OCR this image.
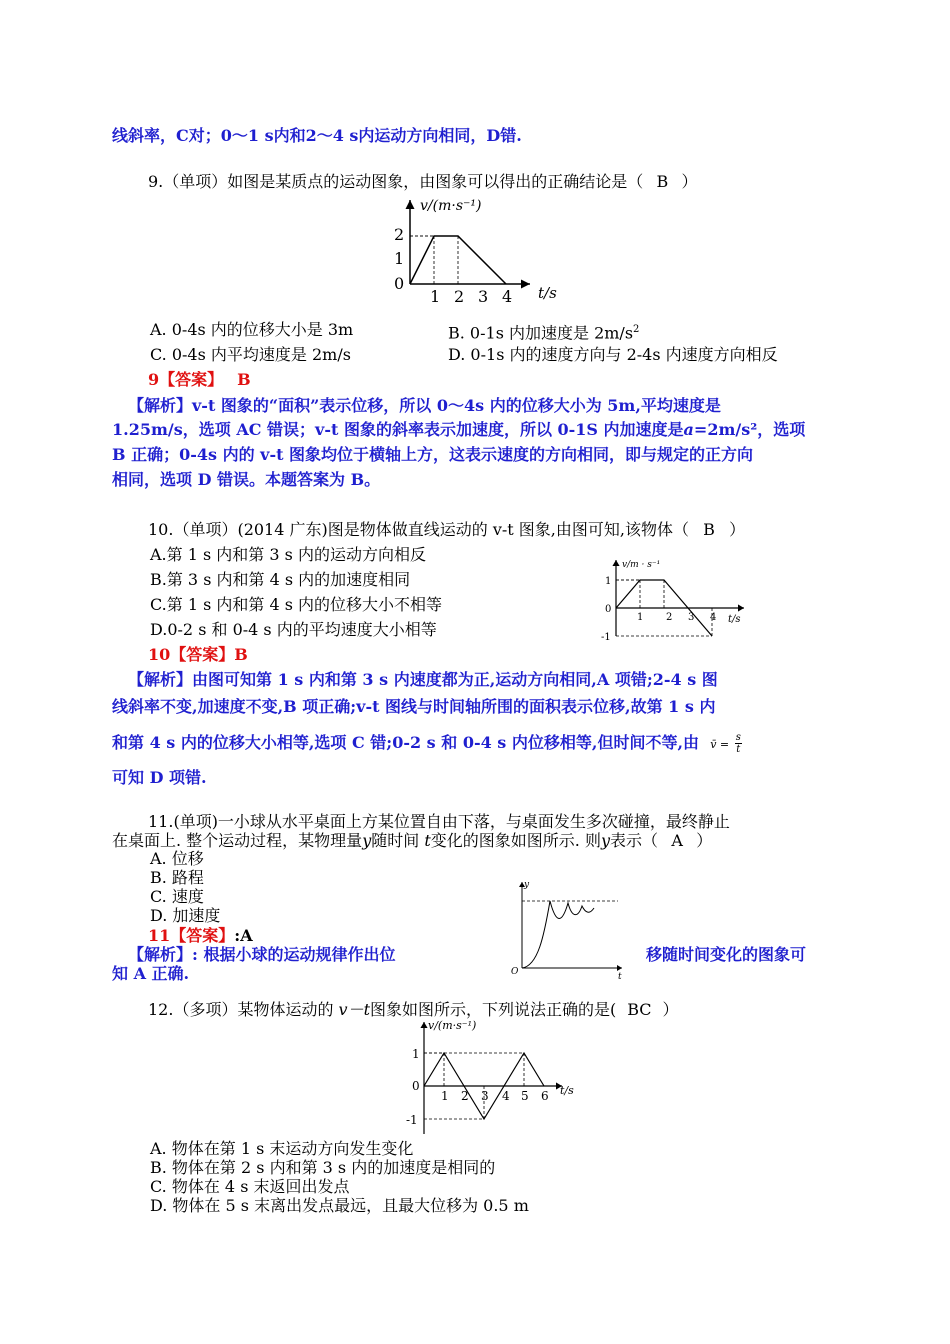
线斜率，C对；0～1 s内和2～4 s内运动方向相同，D错.
9.（单项）如图是某质点的运动图象，由图象可以得出的正确结论是（ B ）
v/(m·s⁻¹)
t/s
2
1
0
1 2 3 4
A. 0-4s 内的位移大小是 3m	B. 0-1s 内加速度是 $2m/s^2$
C. 0-4s 内平均速度是 2m/s	D. 0-1s 内的速度方向与 2-4s 内速度方向相反
9【答案】 B
【解析】v-t 图象的“面积”表示位移，所以 0～4s 内的位移大小为 5m,平均速度是
1.25m/s，选项 AC 错误；v-t 图象的斜率表示加速度，所以 0-1S 内加速度是a=2m/s²，选项
B 正确；0-4s 内的 v-t 图象均位于横轴上方，这表示速度的方向相同，即与规定的正方向
相同，选项 D 错误。本题答案为 B。
10.（单项）(2014 广东)图是物体做直线运动的 v-t 图象,由图可知,该物体（ B ）
A.第 1 s 内和第 3 s 内的运动方向相反
B.第 3 s 内和第 4 s 内的加速度相同
C.第 1 s 内和第 4 s 内的位移大小不相等
D.0-2 s 和 0-4 s 内的平均速度大小相等
v/m · s⁻¹
t/s
1
0
-1
1 2 3 4
10【答案】B
【解析】由图可知第 1 s 内和第 3 s 内速度都为正,运动方向相同,A 项错;2-4 s 图
线斜率不变,加速度不变,B 项正确;v-t 图线与时间轴所围的面积表示位移,故第 1 s 内
和第 4 s 内的位移大小相等,选项 C 错;0-2 s 和 0-4 s 内位移相等,但时间不等,由 v̄ = $\frac{s}{t}$
可知 D 项错.
11.(单项)一小球从水平桌面上方某位置自由下落，与桌面发生多次碰撞，最终静止
在桌面上. 整个运动过程，某物理量y随时间 t变化的图象如图所示. 则y表示（ A ）
A. 位移
B. 路程
C. 速度
D. 加速度
11【答案】:A
【解析】: 根据小球的运动规律作出位	移随时间变化的图象可
知 A 正确.
y
t
O
12.（多项）某物体运动的 v－t图象如图所示，下列说法正确的是( BC ）
v/(m·s⁻¹)
t/s
1
0
-1
1 2 3 4 5 6
A. 物体在第 1 s 末运动方向发生变化
B. 物体在第 2 s 内和第 3 s 内的加速度是相同的
C. 物体在 4 s 末返回出发点
D. 物体在 5 s 末离出发点最远，且最大位移为 0.5 m
